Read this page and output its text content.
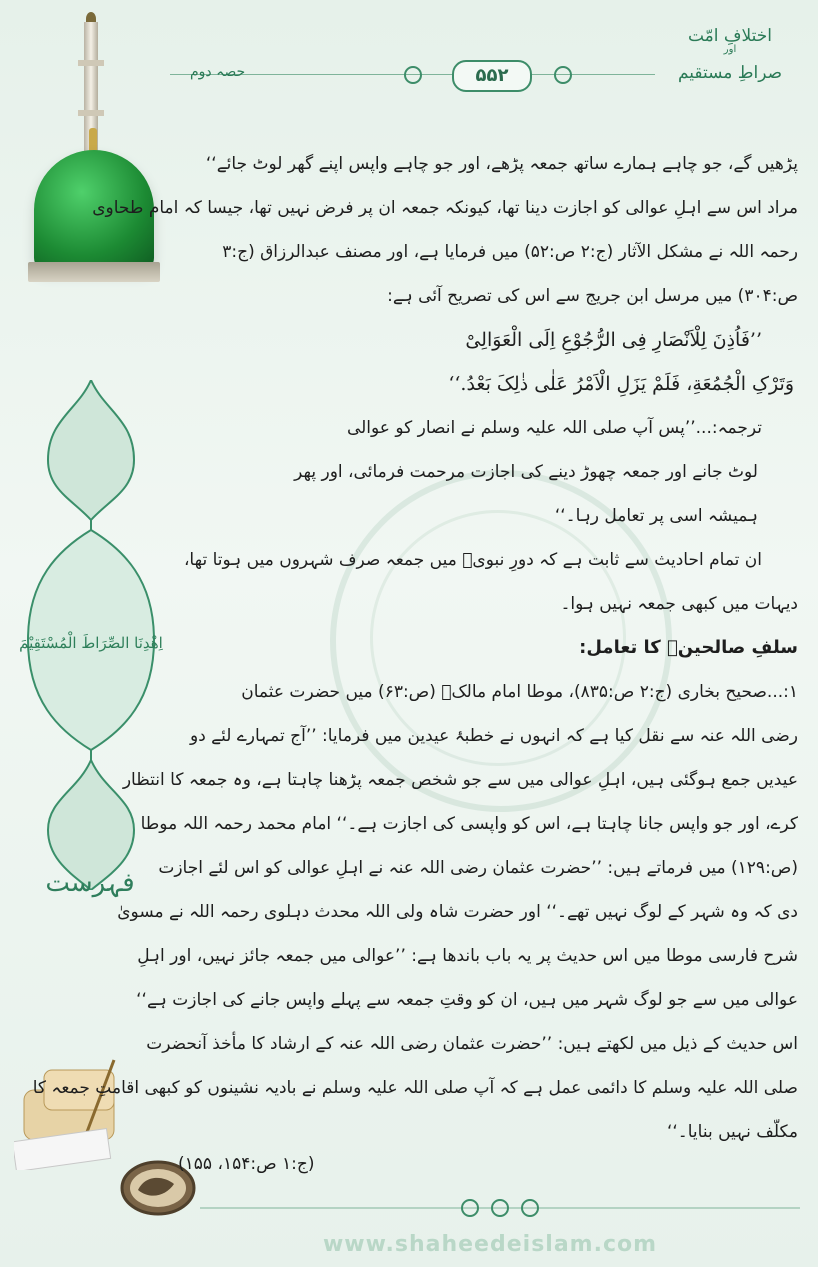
اِهْدِنَا الصِّرَاطَ الْمُسْتَقِيْمَ
فہرست
اختلافِ امّت
اور
صراطِ مستقیم
۵۵۲
حصہ دوم
پڑھیں گے، جو چاہے ہمارے ساتھ جمعہ پڑھے، اور جو چاہے واپس اپنے گھر لوٹ جائے‘‘
مراد اس سے اہلِ عوالی کو اجازت دینا تھا، کیونکہ جمعہ ان پر فرض نہیں تھا، جیسا کہ امام طحاوی
رحمہ اللہ نے مشکل الآثار (ج:۲ ص:۵۲) میں فرمایا ہے، اور مصنف عبدالرزاق (ج:۳
ص:۳۰۴) میں مرسل ابن جریج سے اس کی تصریح آئی ہے:
’’فَاُذِنَ لِلْاَنْصَارِ فِی الرُّجُوْعِ اِلَی الْعَوَالِیْ
وَتَرْکِ الْجُمُعَةِ، فَلَمْ یَزَلِ الْاَمْرُ عَلٰی ذٰلِکَ بَعْدُ.‘‘
ترجمہ:...’’پس آپ صلی اللہ علیہ وسلم نے انصار کو عوالی
لوٹ جانے اور جمعہ چھوڑ دینے کی اجازت مرحمت فرمائی، اور پھر
ہمیشہ اسی پر تعامل رہا۔‘‘
ان تمام احادیث سے ثابت ہے کہ دورِ نبویؐ میں جمعہ صرف شہروں میں ہوتا تھا،
دیہات میں کبھی جمعہ نہیں ہوا۔
سلفِ صالحینؒ کا تعامل:
۱:...صحیح بخاری (ج:۲ ص:۸۳۵)، موطا امام مالکؒ (ص:۶۳) میں حضرت عثمان
رضی اللہ عنہ سے نقل کیا ہے کہ انہوں نے خطبۂ عیدین میں فرمایا: ’’آج تمہارے لئے دو
عیدیں جمع ہوگئی ہیں، اہلِ عوالی میں سے جو شخص جمعہ پڑھنا چاہتا ہے، وہ جمعہ کا انتظار
کرے، اور جو واپس جانا چاہتا ہے، اس کو واپسی کی اجازت ہے۔‘‘ امام محمد رحمہ اللہ موطا
(ص:۱۲۹) میں فرماتے ہیں: ’’حضرت عثمان رضی اللہ عنہ نے اہلِ عوالی کو اس لئے اجازت
دی کہ وہ شہر کے لوگ نہیں تھے۔‘‘ اور حضرت شاہ ولی اللہ محدث دہلوی رحمہ اللہ نے مسویٰ
شرح فارسی موطا میں اس حدیث پر یہ باب باندھا ہے: ’’عوالی میں جمعہ جائز نہیں، اور اہلِ
عوالی میں سے جو لوگ شہر میں ہیں، ان کو وقتِ جمعہ سے پہلے واپس جانے کی اجازت ہے‘‘
اس حدیث کے ذیل میں لکھتے ہیں: ’’حضرت عثمان رضی اللہ عنہ کے ارشاد کا مأخذ آنحضرت
صلی اللہ علیہ وسلم کا دائمی عمل ہے کہ آپ صلی اللہ علیہ وسلم نے بادیہ نشینوں کو کبھی اقامتِ جمعہ کا
مکلّف نہیں بنایا۔‘‘
(ج:۱ ص:۱۵۴، ۱۵۵)
www.shaheedeislam.com
